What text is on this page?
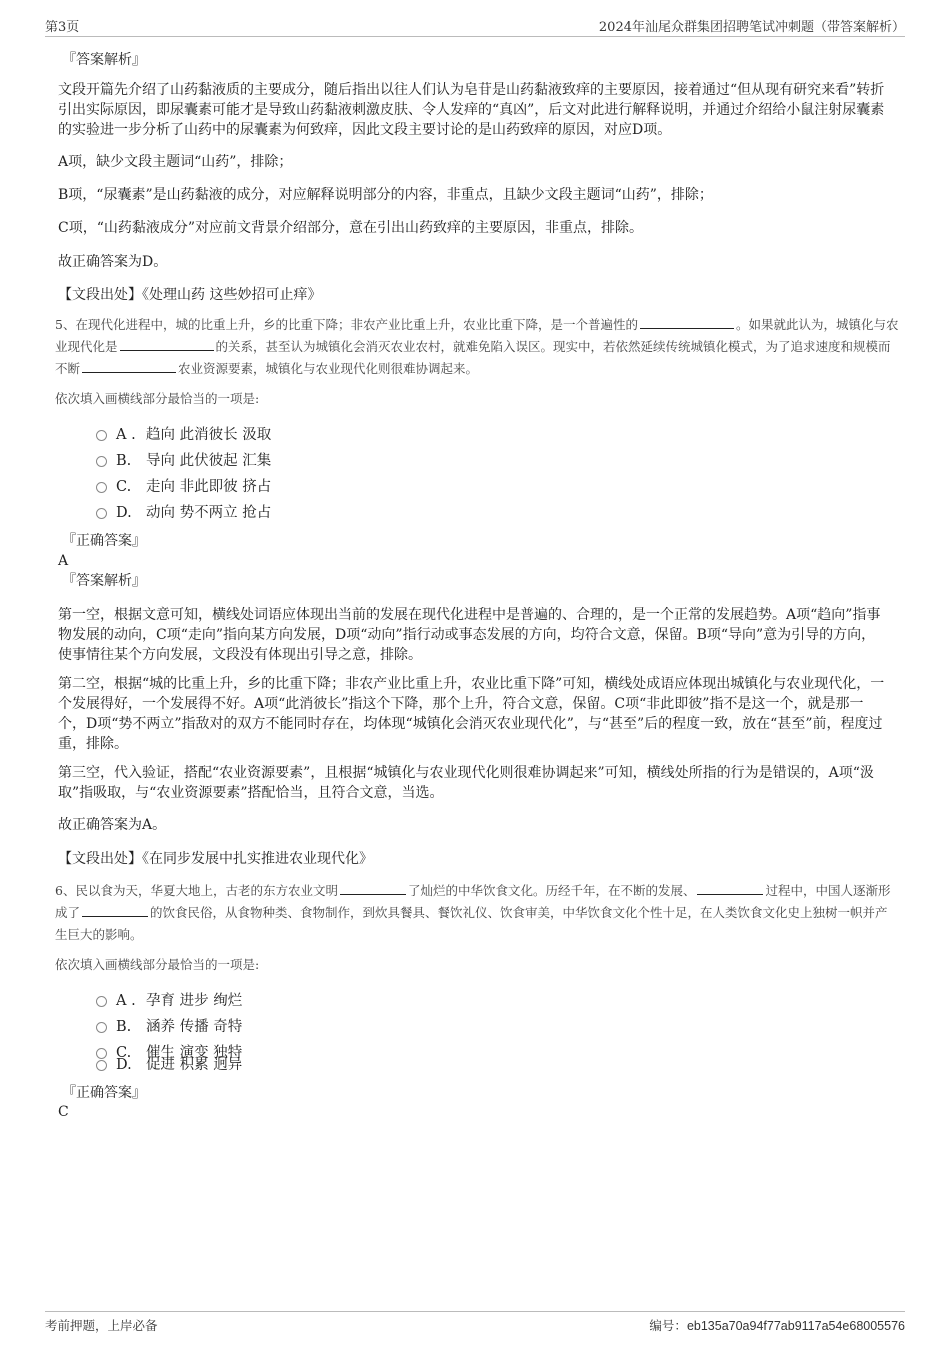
第3页	2024年汕尾众群集团招聘笔试冲刺题（带答案解析）
『答案解析』
文段开篇先介绍了山药黏液质的主要成分，随后指出以往人们认为皂苷是山药黏液致痒的主要原因，接着通过“但从现有研究来看”转折引出实际原因，即尿囊素可能才是导致山药黏液刺激皮肤、令人发痒的“真凶”，后文对此进行解释说明，并通过介绍给小鼠注射尿囊素的实验进一步分析了山药中的尿囊素为何致痒，因此文段主要讨论的是山药致痒的原因，对应D项。
A项，缺少文段主题词“山药”，排除；
B项，“尿囊素”是山药黏液的成分，对应解释说明部分的内容，非重点，且缺少文段主题词“山药”，排除；
C项，“山药黏液成分”对应前文背景介绍部分，意在引出山药致痒的主要原因，非重点，排除。
故正确答案为D。
【文段出处】《处理山药 这些妙招可止痒》
5、在现代化进程中，城的比重上升，乡的比重下降；非农产业比重上升，农业比重下降，是一个普遍性的	。如果就此认为，城镇化与农业现代化是	的关系，甚至认为城镇化会消灭农业农村，就难免陷入误区。现实中，若依然延续传统城镇化模式，为了追求速度和规模而不断	农业资源要素，城镇化与农业现代化则很难协调起来。
依次填入画横线部分最恰当的一项是:
A . 趋向 此消彼长 汲取
B. 导向 此伏彼起 汇集
C. 走向 非此即彼 挤占
D. 动向 势不两立 抢占
『正确答案』
A
『答案解析』
第一空，根据文意可知，横线处词语应体现出当前的发展在现代化进程中是普遍的、合理的，是一个正常的发展趋势。A项“趋向”指事物发展的动向，C项“走向”指向某方向发展，D项“动向”指行动或事态发展的方向，均符合文意，保留。B项“导向”意为引导的方向，使事情往某个方向发展，文段没有体现出引导之意，排除。
第二空，根据“城的比重上升，乡的比重下降；非农产业比重上升，农业比重下降”可知，横线处成语应体现出城镇化与农业现代化，一个发展得好，一个发展得不好。A项“此消彼长”指这个下降，那个上升，符合文意，保留。C项“非此即彼”指不是这一个，就是那一个，D项“势不两立”指敌对的双方不能同时存在，均体现“城镇化会消灭农业现代化”，与“甚至”后的程度一致，放在“甚至”前，程度过重，排除。
第三空，代入验证，搭配“农业资源要素”，且根据“城镇化与农业现代化则很难协调起来”可知，横线处所指的行为是错误的，A项“汲取”指吸取，与“农业资源要素”搭配恰当，且符合文意，当选。
故正确答案为A。
【文段出处】《在同步发展中扎实推进农业现代化》
6、民以食为天，华夏大地上，古老的东方农业文明	了灿烂的中华饮食文化。历经千年，在不断的发展、	过程中，中国人逐渐形成了	的饮食民俗，从食物种类、食物制作，到炊具餐具、餐饮礼仪、饮食审美，中华饮食文化个性十足，在人类饮食文化史上独树一帜并产生巨大的影响。
依次填入画横线部分最恰当的一项是:
A . 孕育 进步 绚烂
B. 涵养 传播 奇特
C. 催生 演变 独特
D. 促进 积累 迥异
『正确答案』
C
考前押题，上岸必备	编号：eb135a70a94f77ab9117a54e68005576
